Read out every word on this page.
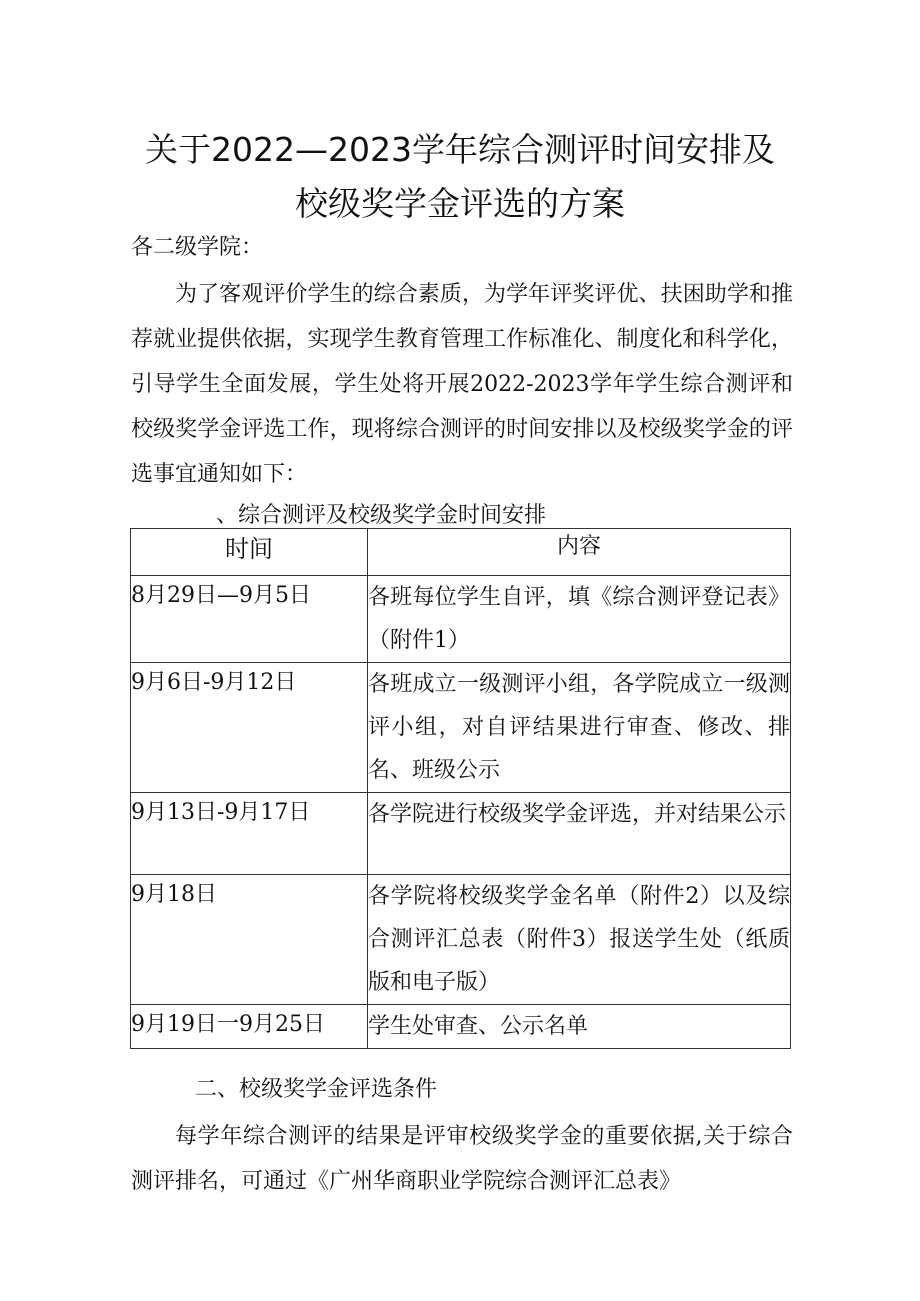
关于2022—2023学年综合测评时间安排及
校级奖学金评选的方案
各二级学院：
为了客观评价学生的综合素质，为学年评奖评优、扶困助学和推荐就业提供依据，实现学生教育管理工作标准化、制度化和科学化，引导学生全面发展，学生处将开展2022-2023学年学生综合测评和校级奖学金评选工作，现将综合测评的时间安排以及校级奖学金的评选事宜通知如下：
、综合测评及校级奖学金时间安排
时间	内容
8月29日—9月5日	各班每位学生自评，填《综合测评登记表》（附件1）
9月6日-9月12日	各班成立一级测评小组，各学院成立一级测评小组，对自评结果进行审查、修改、排名、班级公示
9月13日-9月17日	各学院进行校级奖学金评选，并对结果公示
9月18日	各学院将校级奖学金名单（附件2）以及综合测评汇总表（附件3）报送学生处（纸质版和电子版）
9月19日一9月25日	学生处审查、公示名单
二、校级奖学金评选条件
每学年综合测评的结果是评审校级奖学金的重要依据,关于综合测评排名，可通过《广州华商职业学院综合测评汇总表》
